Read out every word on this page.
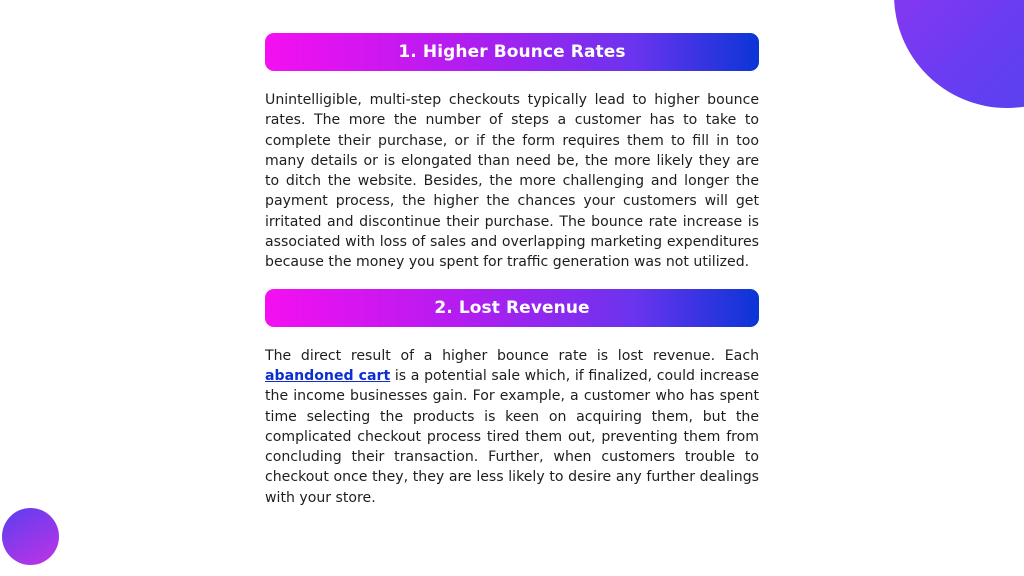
1. Higher Bounce Rates

Unintelligible, multi-step checkouts typically lead to higher bounce rates. The more the number of steps a customer has to take to complete their purchase, or if the form requires them to fill in too many details or is elongated than need be, the more likely they are to ditch the website. Besides, the more challenging and longer the payment process, the higher the chances your customers will get irritated and discontinue their purchase. The bounce rate increase is associated with loss of sales and overlapping marketing expenditures because the money you spent for traffic generation was not utilized.

2. Lost Revenue

The direct result of a higher bounce rate is lost revenue. Each abandoned cart is a potential sale which, if finalized, could increase the income businesses gain. For example, a customer who has spent time selecting the products is keen on acquiring them, but the complicated checkout process tired them out, preventing them from concluding their transaction. Further, when customers trouble to checkout once they, they are less likely to desire any further dealings with your store.
